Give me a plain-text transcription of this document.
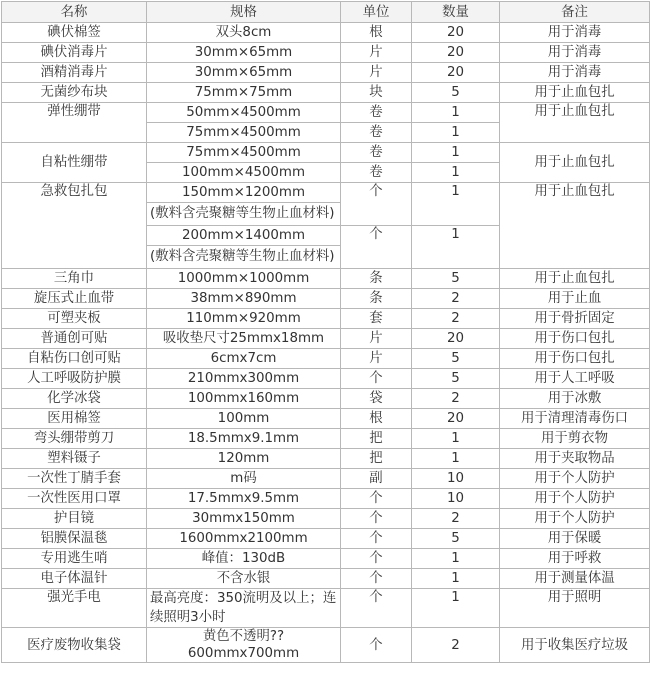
名称	规格	单位	数量	备注
碘伏棉签	双头8cm	根	20	用于消毒
碘伏消毒片	30mm×65mm	片	20	用于消毒
酒精消毒片	30mm×65mm	片	20	用于消毒
无菌纱布块	75mm×75mm	块	5	用于止血包扎
弹性绷带	50mm×4500mm	卷	1	用于止血包扎
	75mm×4500mm	卷	1	
自粘性绷带	75mm×4500mm	卷	1	用于止血包扎
	100mm×4500mm	卷	1	
急救包扎包	150mm×1200mm	个	1	用于止血包扎
	(敷料含壳聚糖等生物止血材料)			
	200mm×1400mm	个	1	
	(敷料含壳聚糖等生物止血材料)			
三角巾	1000mm×1000mm	条	5	用于止血包扎
旋压式止血带	38mm×890mm	条	2	用于止血
可塑夹板	110mm×920mm	套	2	用于骨折固定
普通创可贴	吸收垫尺寸25mmx18mm	片	20	用于伤口包扎
自粘伤口创可贴	6cmx7cm	片	5	用于伤口包扎
人工呼吸防护膜	210mmx300mm	个	5	用于人工呼吸
化学冰袋	100mmx160mm	袋	2	用于冰敷
医用棉签	100mm	根	20	用于清理清毒伤口
弯头绷带剪刀	18.5mmx9.1mm	把	1	用于剪衣物
塑料镊子	120mm	把	1	用于夹取物品
一次性丁腈手套	m码	副	10	用于个人防护
一次性医用口罩	17.5mmx9.5mm	个	10	用于个人防护
护目镜	30mmx150mm	个	2	用于个人防护
铝膜保温毯	1600mmx2100mm	个	5	用于保暖
专用逃生哨	峰值：130dB	个	1	用于呼救
电子体温针	不含水银	个	1	用于测量体温
强光手电	最高亮度：350流明及以上；连续照明3小时	个	1	用于照明
医疗废物收集袋	黄色不透明??600mmx700mm	个	2	用于收集医疗垃圾
